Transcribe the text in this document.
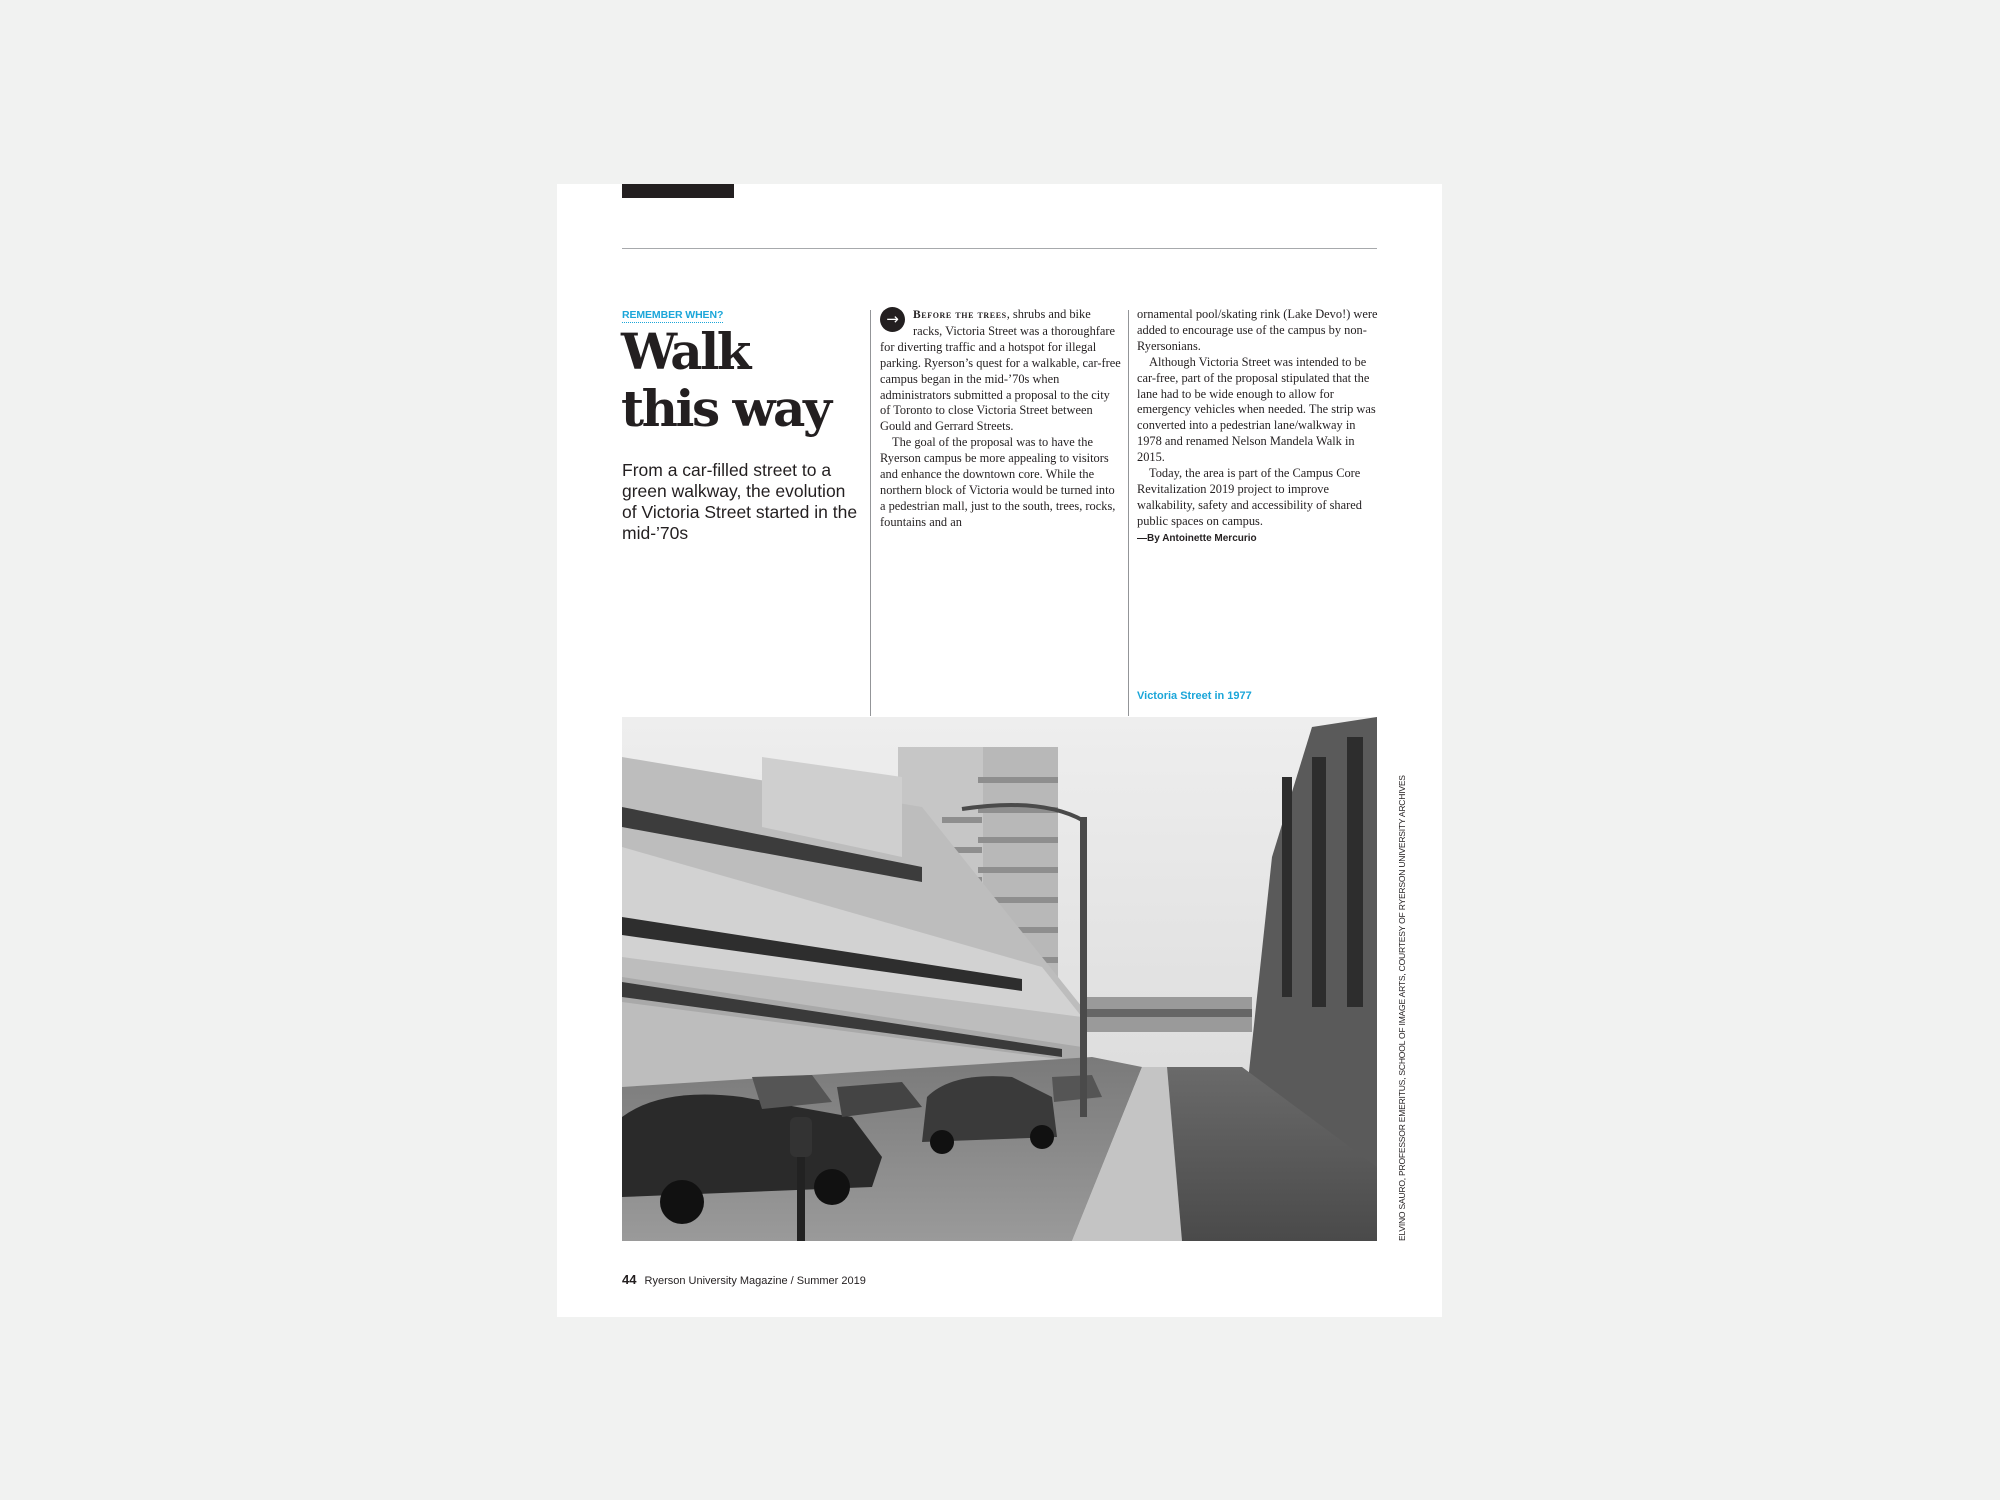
REMEMBER WHEN?
Walk
this way

From a car-filled street to a green walkway, the evolution of Victoria Street started in the mid-’70s

→	Before the trees, shrubs and bike racks, Victoria Street was a thoroughfare for diverting traffic and a hotspot for illegal parking. Ryerson’s quest for a walkable, car-free campus began in the mid-’70s when administrators submitted a proposal to the city of Toronto to close Victoria Street between Gould and Gerrard Streets.

The goal of the proposal was to have the Ryerson campus be more appealing to visitors and enhance the downtown core. While the northern block of Victoria would be turned into a pedestrian mall, just to the south, trees, rocks, fountains and an

ornamental pool/skating rink (Lake Devo!) were added to encourage use of the campus by non-Ryersonians.

Although Victoria Street was intended to be car-free, part of the proposal stipulated that the lane had to be wide enough to allow for emergency vehicles when needed. The strip was converted into a pedestrian lane/walkway in 1978 and renamed Nelson Mandela Walk in 2015.

Today, the area is part of the Campus Core Revitalization 2019 project to improve walkability, safety and accessibility of shared public spaces on campus.

—By Antoinette Mercurio
Victoria Street in 1977
ELVINO SAURO, PROFESSOR EMERITUS, SCHOOL OF IMAGE ARTS, COURTESY OF RYERSON UNIVERSITY ARCHIVES
44 Ryerson University Magazine / Summer 2019
